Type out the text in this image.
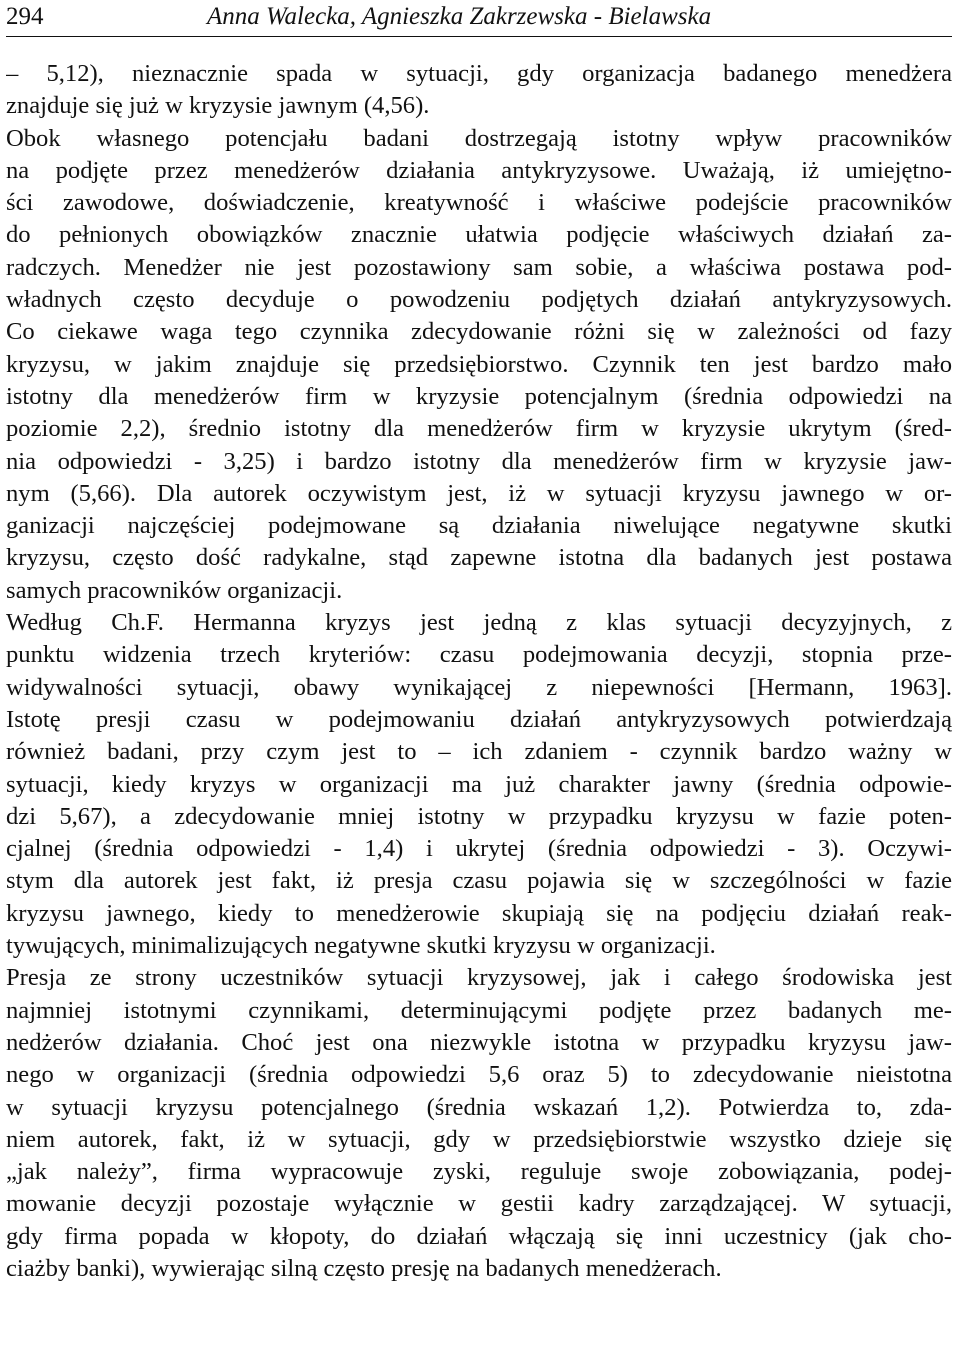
294	Anna Walecka, Agnieszka Zakrzewska - Bielawska
– 5,12), nieznacznie spada w sytuacji, gdy organizacja badanego menedżera
znajduje się już w kryzysie jawnym (4,56).
Obok własnego potencjału badani dostrzegają istotny wpływ pracowników
na podjęte przez menedżerów działania antykryzysowe. Uważają, iż umiejętno-
ści zawodowe, doświadczenie, kreatywność i właściwe podejście pracowników
do pełnionych obowiązków znacznie ułatwia podjęcie właściwych działań za-
radczych. Menedżer nie jest pozostawiony sam sobie, a właściwa postawa pod-
władnych często decyduje o powodzeniu podjętych działań antykryzysowych.
Co ciekawe waga tego czynnika zdecydowanie różni się w zależności od fazy
kryzysu, w jakim znajduje się przedsiębiorstwo. Czynnik ten jest bardzo mało
istotny dla menedżerów firm w kryzysie potencjalnym (średnia odpowiedzi na
poziomie 2,2), średnio istotny dla menedżerów firm w kryzysie ukrytym (śred-
nia odpowiedzi - 3,25) i bardzo istotny dla menedżerów firm w kryzysie jaw-
nym (5,66). Dla autorek oczywistym jest, iż w sytuacji kryzysu jawnego w or-
ganizacji najczęściej podejmowane są działania niwelujące negatywne skutki
kryzysu, często dość radykalne, stąd zapewne istotna dla badanych jest postawa
samych pracowników organizacji.
Według Ch.F. Hermanna kryzys jest jedną z klas sytuacji decyzyjnych, z
punktu widzenia trzech kryteriów: czasu podejmowania decyzji, stopnia prze-
widywalności sytuacji, obawy wynikającej z niepewności [Hermann, 1963].
Istotę presji czasu w podejmowaniu działań antykryzysowych potwierdzają
również badani, przy czym jest to – ich zdaniem - czynnik bardzo ważny w
sytuacji, kiedy kryzys w organizacji ma już charakter jawny (średnia odpowie-
dzi 5,67), a zdecydowanie mniej istotny w przypadku kryzysu w fazie poten-
cjalnej (średnia odpowiedzi - 1,4) i ukrytej (średnia odpowiedzi - 3). Oczywi-
stym dla autorek jest fakt, iż presja czasu pojawia się w szczególności w fazie
kryzysu jawnego, kiedy to menedżerowie skupiają się na podjęciu działań reak-
tywujących, minimalizujących negatywne skutki kryzysu w organizacji.
Presja ze strony uczestników sytuacji kryzysowej, jak i całego środowiska jest
najmniej istotnymi czynnikami, determinującymi podjęte przez badanych me-
nedżerów działania. Choć jest ona niezwykle istotna w przypadku kryzysu jaw-
nego w organizacji (średnia odpowiedzi 5,6 oraz 5) to zdecydowanie nieistotna
w sytuacji kryzysu potencjalnego (średnia wskazań 1,2). Potwierdza to, zda-
niem autorek, fakt, iż w sytuacji, gdy w przedsiębiorstwie wszystko dzieje się
„jak należy”, firma wypracowuje zyski, reguluje swoje zobowiązania, podej-
mowanie decyzji pozostaje wyłącznie w gestii kadry zarządzającej. W sytuacji,
gdy firma popada w kłopoty, do działań włączają się inni uczestnicy (jak cho-
ciażby banki), wywierając silną często presję na badanych menedżerach.
